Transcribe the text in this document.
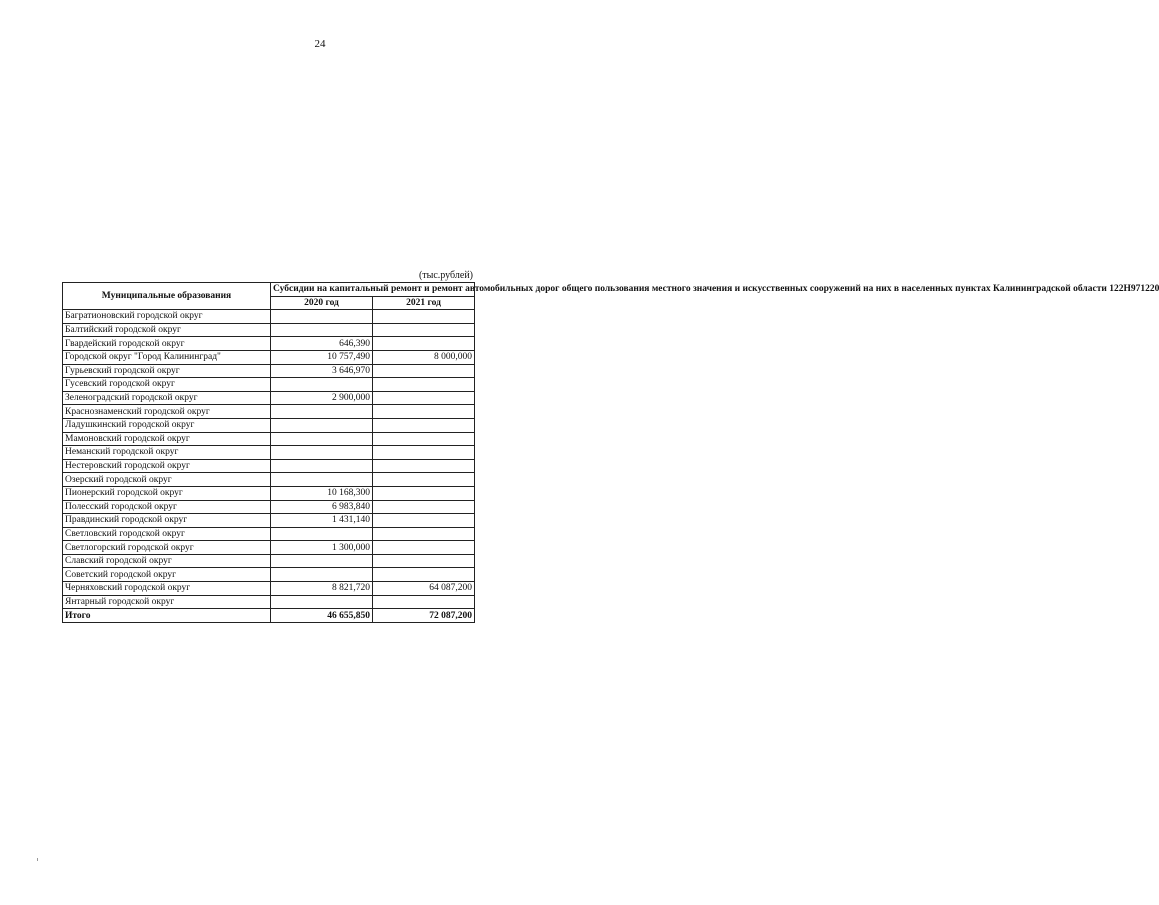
24
(тыс.рублей)
Муниципальные образования	Субсидии на капитальный ремонт и ремонт автомобильных дорог общего пользования местного значения и искусственных сооружений на них в населенных пунктах Калининградской области 122Н971220	
	2020 год	2021 год
Багратионовский городской округ		
Балтийский городской округ		
Гвардейский городской округ	646,390	
Городской округ "Город Калининград"	10 757,490	8 000,000
Гурьевский городской округ	3 646,970	
Гусевский городской округ		
Зеленоградский городской округ	2 900,000	
Краснознаменский городской округ		
Ладушкинский городской округ		
Мамоновский городской округ		
Неманский городской округ		
Нестеровский городской округ		
Озерский городской округ		
Пионерский городской округ	10 168,300	
Полесский городской округ	6 983,840	
Правдинский городской округ	1 431,140	
Светловский городской округ		
Светлогорский городской округ	1 300,000	
Славский городской округ		
Советский городской округ		
Черняховский городской округ	8 821,720	64 087,200
Янтарный городской округ		
Итого	46 655,850	72 087,200
